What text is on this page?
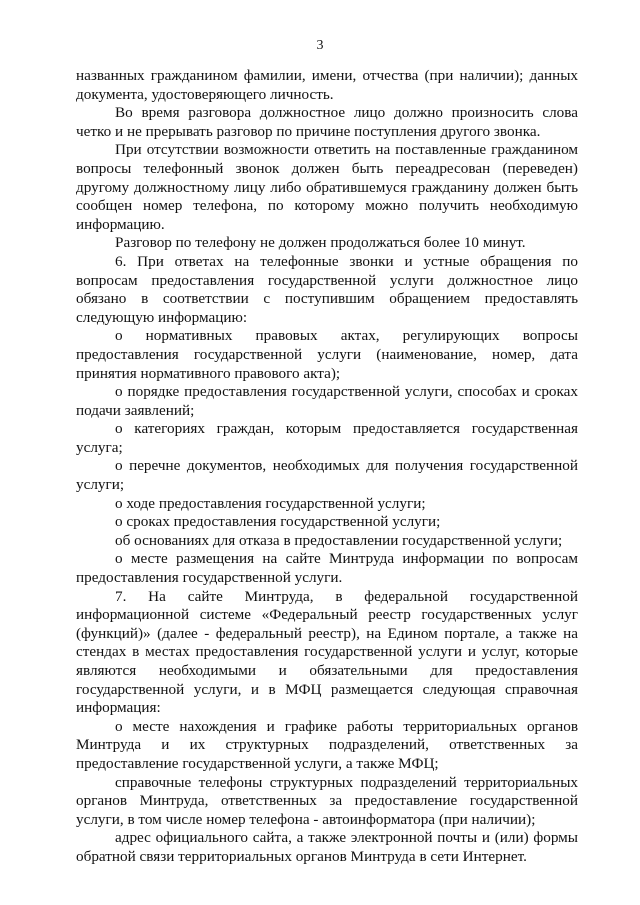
3

названных гражданином фамилии, имени, отчества (при наличии); данных документа, удостоверяющего личность.

Во время разговора должностное лицо должно произносить слова четко и не прерывать разговор по причине поступления другого звонка.

При отсутствии возможности ответить на поставленные гражданином вопросы телефонный звонок должен быть переадресован (переведен) другому должностному лицу либо обратившемуся гражданину должен быть сообщен номер телефона, по которому можно получить необходимую информацию.

Разговор по телефону не должен продолжаться более 10 минут.

6. При ответах на телефонные звонки и устные обращения по вопросам предоставления государственной услуги должностное лицо обязано в соответствии с поступившим обращением предоставлять следующую информацию:

о нормативных правовых актах, регулирующих вопросы предоставления государственной услуги (наименование, номер, дата принятия нормативного правового акта);

о порядке предоставления государственной услуги, способах и сроках подачи заявлений;

о категориях граждан, которым предоставляется государственная услуга;

о перечне документов, необходимых для получения государственной услуги;

о ходе предоставления государственной услуги;

о сроках предоставления государственной услуги;

об основаниях для отказа в предоставлении государственной услуги;

о месте размещения на сайте Минтруда информации по вопросам предоставления государственной услуги.

7. На сайте Минтруда, в федеральной государственной информационной системе «Федеральный реестр государственных услуг (функций)» (далее - федеральный реестр), на Едином портале, а также на стендах в местах предоставления государственной услуги и услуг, которые являются необходимыми и обязательными для предоставления государственной услуги, и в МФЦ размещается следующая справочная информация:

о месте нахождения и графике работы территориальных органов Минтруда и их структурных подразделений, ответственных за предоставление государственной услуги, а также МФЦ;

справочные телефоны структурных подразделений территориальных органов Минтруда, ответственных за предоставление государственной услуги, в том числе номер телефона - автоинформатора (при наличии);

адрес официального сайта, а также электронной почты и (или) формы обратной связи территориальных органов Минтруда в сети Интернет.
